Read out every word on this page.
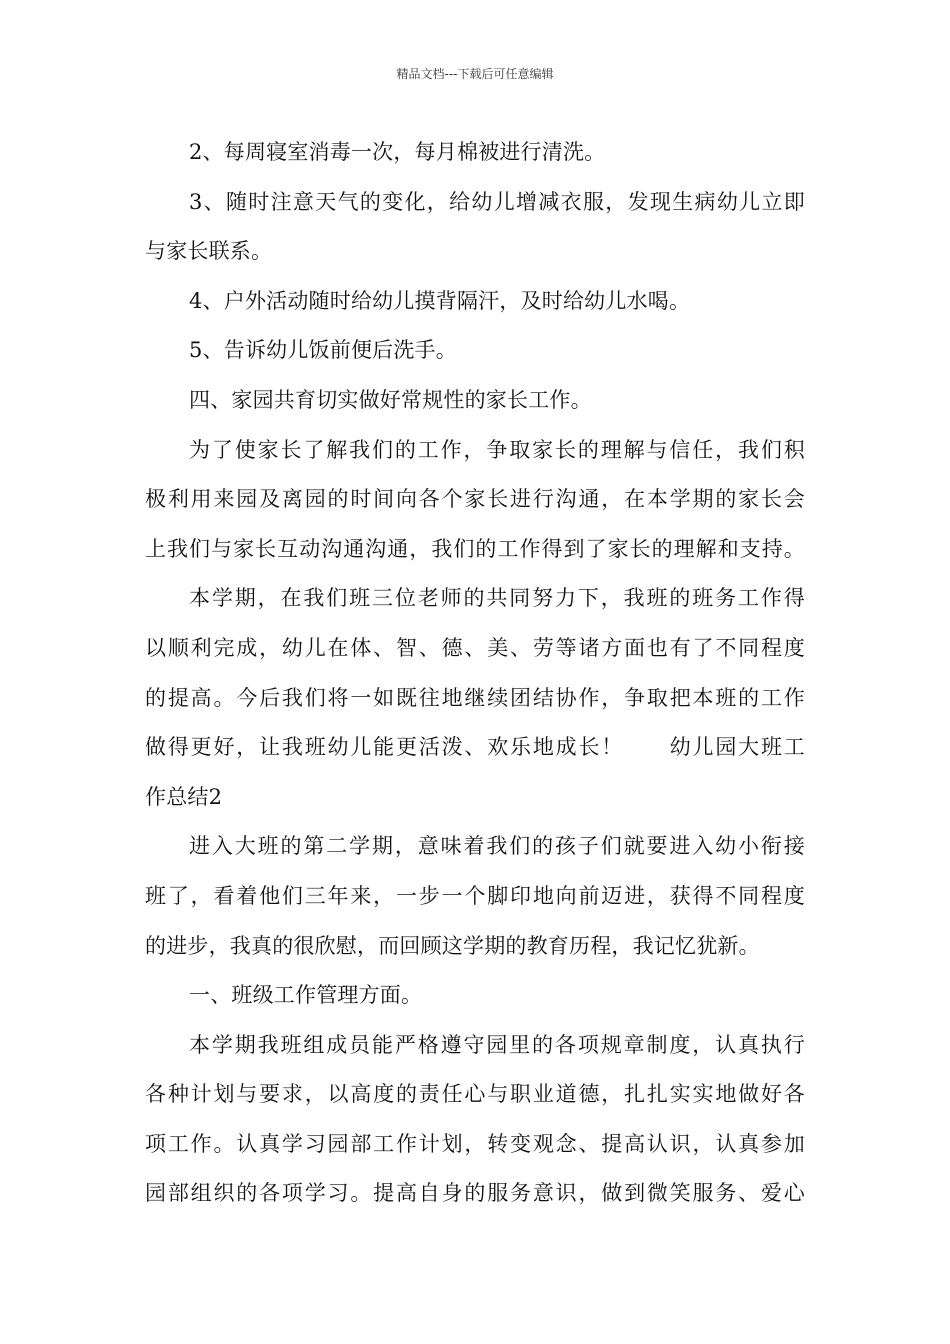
精品文档---下载后可任意编辑
2、每周寝室消毒一次，每月棉被进行清洗。
3、随时注意天气的变化，给幼儿增减衣服，发现生病幼儿立即
与家长联系。
4、户外活动随时给幼儿摸背隔汗，及时给幼儿水喝。
5、告诉幼儿饭前便后洗手。
四、家园共育切实做好常规性的家长工作。
为了使家长了解我们的工作，争取家长的理解与信任，我们积
极利用来园及离园的时间向各个家长进行沟通，在本学期的家长会
上我们与家长互动沟通沟通，我们的工作得到了家长的理解和支持。
本学期，在我们班三位老师的共同努力下，我班的班务工作得
以顺利完成，幼儿在体、智、德、美、劳等诸方面也有了不同程度
的提高。今后我们将一如既往地继续团结协作，争取把本班的工作
做得更好，让我班幼儿能更活泼、欢乐地成长！　　幼儿园大班工
作总结2
进入大班的第二学期，意味着我们的孩子们就要进入幼小衔接
班了，看着他们三年来，一步一个脚印地向前迈进，获得不同程度
的进步，我真的很欣慰，而回顾这学期的教育历程，我记忆犹新。
一、班级工作管理方面。
本学期我班组成员能严格遵守园里的各项规章制度，认真执行
各种计划与要求，以高度的责任心与职业道德，扎扎实实地做好各
项工作。认真学习园部工作计划，转变观念、提高认识，认真参加
园部组织的各项学习。提高自身的服务意识，做到微笑服务、爱心
